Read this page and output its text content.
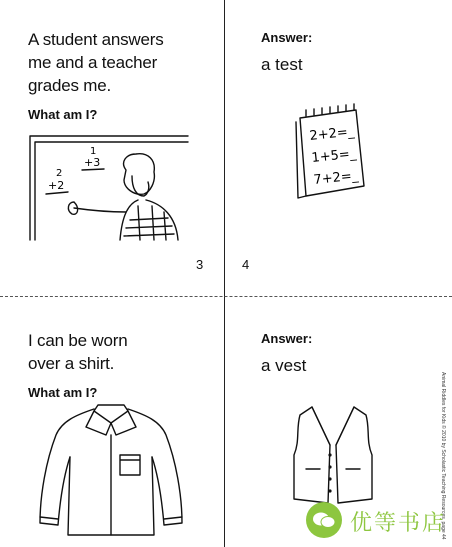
A student answers
me and a teacher
grades me.
What am I?
1
+3
2
+2
3
Answer:
a test
2+2=_
1+5=_
7+2=_
4
I can be worn
over a shirt.
What am I?
Answer:
a vest
Animal Riddles for Kids © 2010 by Scholastic Teaching Resources, page 44
优等书店
